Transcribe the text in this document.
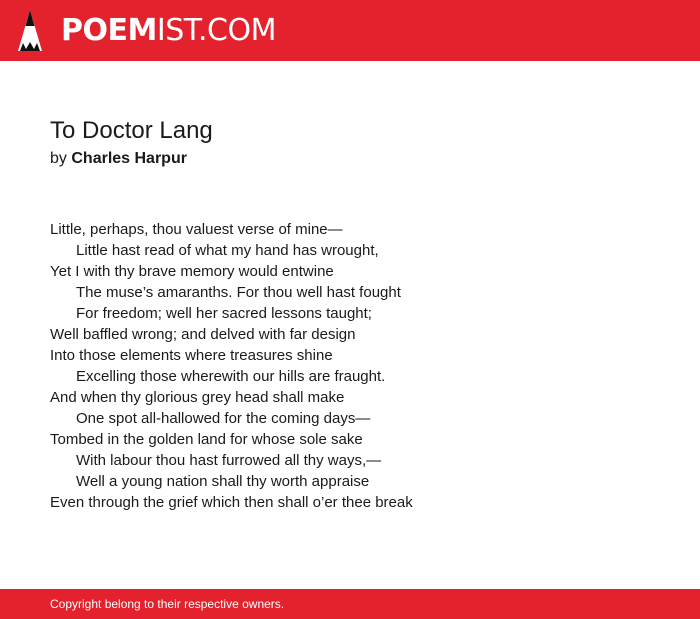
POEMIST.COM
To Doctor Lang
by Charles Harpur
Little, perhaps, thou valuest verse of mine—
Little hast read of what my hand has wrought,
Yet I with thy brave memory would entwine
The muse’s amaranths. For thou well hast fought
For freedom; well her sacred lessons taught;
Well baffled wrong; and delved with far design
Into those elements where treasures shine
Excelling those wherewith our hills are fraught.
And when thy glorious grey head shall make
One spot all-hallowed for the coming days—
Tombed in the golden land for whose sole sake
With labour thou hast furrowed all thy ways,—
Well a young nation shall thy worth appraise
Even through the grief which then shall o’er thee break
Copyright belong to their respective owners.
